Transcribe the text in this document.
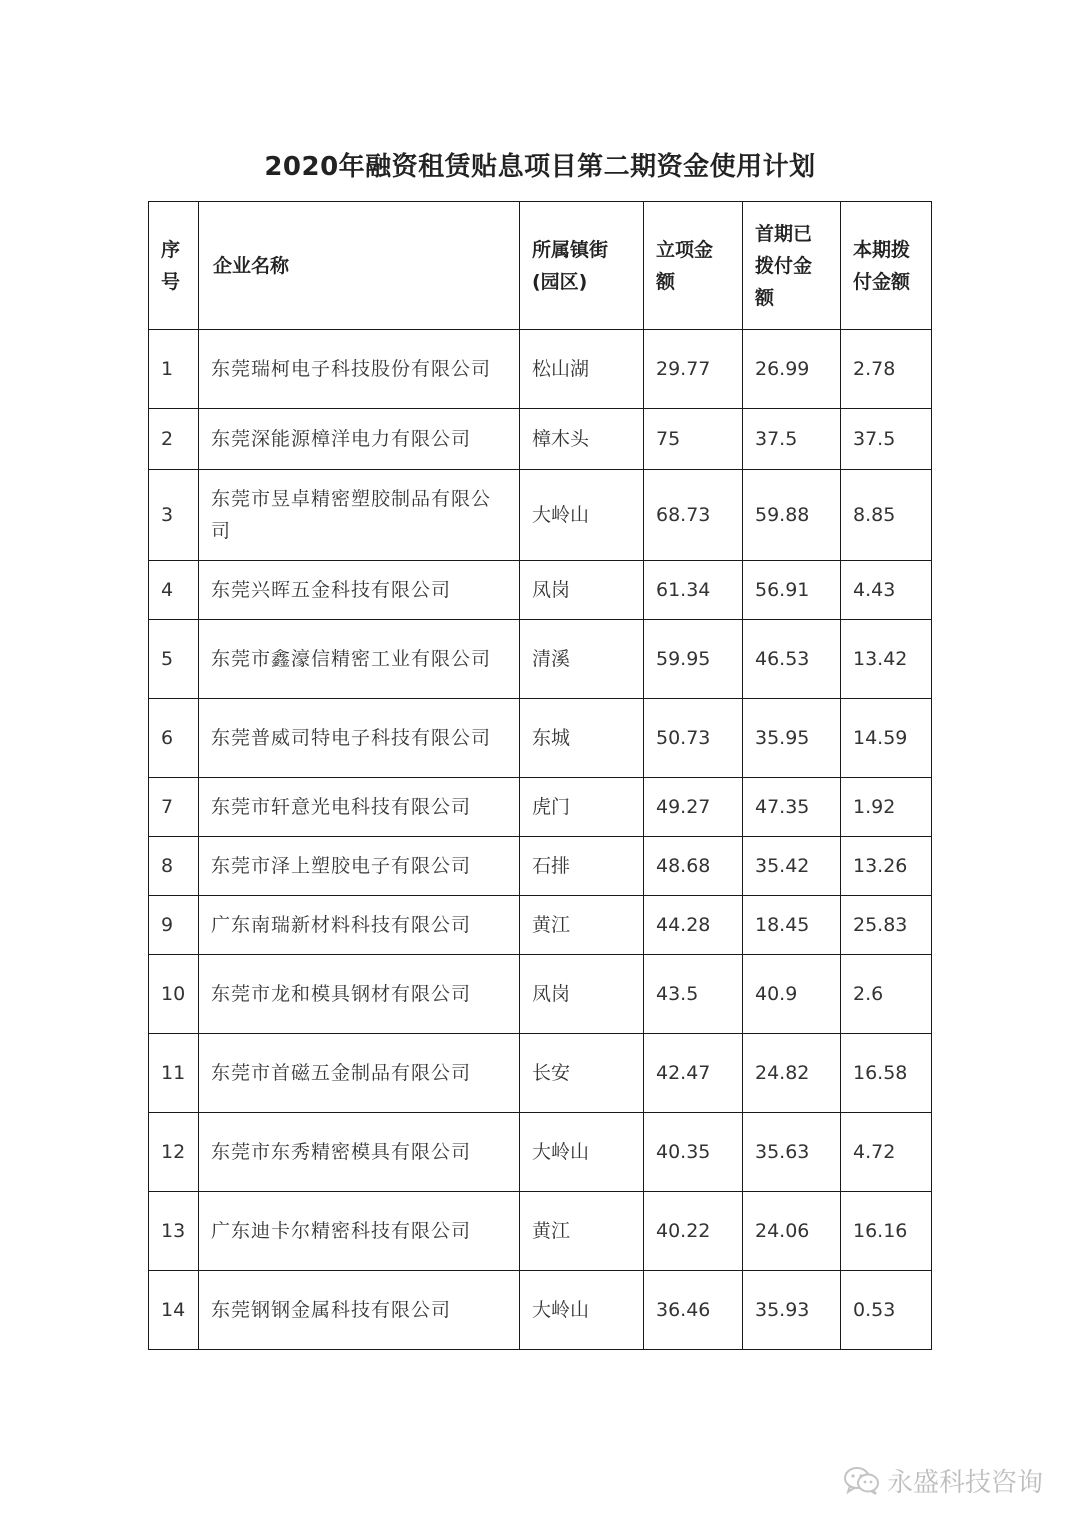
2020年融资租赁贴息项目第二期资金使用计划
序号	企业名称	所属镇街(园区)	立项金额	首期已拨付金额	本期拨付金额
1	东莞瑞柯电子科技股份有限公司	松山湖	29.77	26.99	2.78
2	东莞深能源樟洋电力有限公司	樟木头	75	37.5	37.5
3	东莞市昱卓精密塑胶制品有限公司	大岭山	68.73	59.88	8.85
4	东莞兴晖五金科技有限公司	凤岗	61.34	56.91	4.43
5	东莞市鑫濠信精密工业有限公司	清溪	59.95	46.53	13.42
6	东莞普威司特电子科技有限公司	东城	50.73	35.95	14.59
7	东莞市轩意光电科技有限公司	虎门	49.27	47.35	1.92
8	东莞市泽上塑胶电子有限公司	石排	48.68	35.42	13.26
9	广东南瑞新材料科技有限公司	黄江	44.28	18.45	25.83
10	东莞市龙和模具钢材有限公司	凤岗	43.5	40.9	2.6
11	东莞市首磁五金制品有限公司	长安	42.47	24.82	16.58
12	东莞市东秀精密模具有限公司	大岭山	40.35	35.63	4.72
13	广东迪卡尔精密科技有限公司	黄江	40.22	24.06	16.16
14	东莞钢钢金属科技有限公司	大岭山	36.46	35.93	0.53
永盛科技咨询
